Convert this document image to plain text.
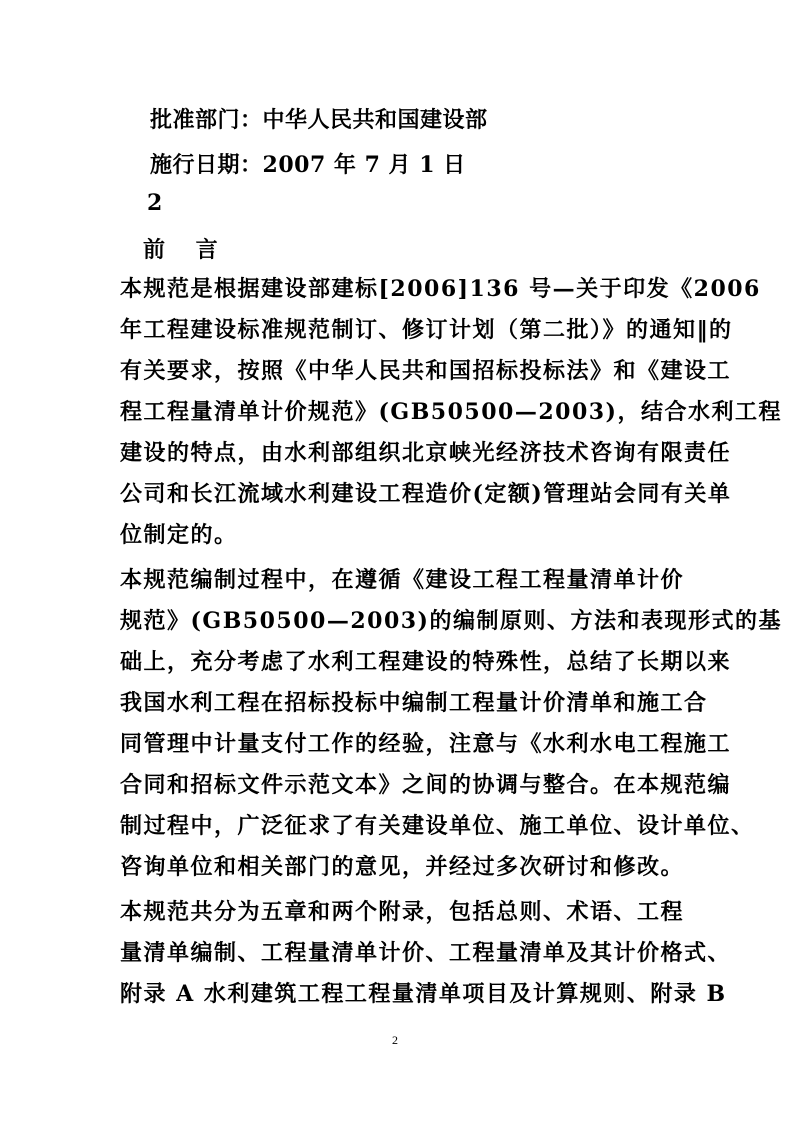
批准部门：中华人民共和国建设部
施行日期：2007 年 7 月 1 日
2
前    言
本规范是根据建设部建标[2006]136 号—关于印发《2006
年工程建设标准规范制订、修订计划（第二批）》的通知‖的
有关要求，按照《中华人民共和国招标投标法》和《建设工
程工程量清单计价规范》(GB50500—2003)，结合水利工程
建设的特点，由水利部组织北京峡光经济技术咨询有限责任
公司和长江流域水利建设工程造价(定额)管理站会同有关单
位制定的。
本规范编制过程中，在遵循《建设工程工程量清单计价
规范》(GB50500—2003)的编制原则、方法和表现形式的基
础上，充分考虑了水利工程建设的特殊性，总结了长期以来
我国水利工程在招标投标中编制工程量计价清单和施工合
同管理中计量支付工作的经验，注意与《水利水电工程施工
合同和招标文件示范文本》之间的协调与整合。在本规范编
制过程中，广泛征求了有关建设单位、施工单位、设计单位、
咨询单位和相关部门的意见，并经过多次研讨和修改。
本规范共分为五章和两个附录，包括总则、术语、工程
量清单编制、工程量清单计价、工程量清单及其计价格式、
附录 A 水利建筑工程工程量清单项目及计算规则、附录 B
2
